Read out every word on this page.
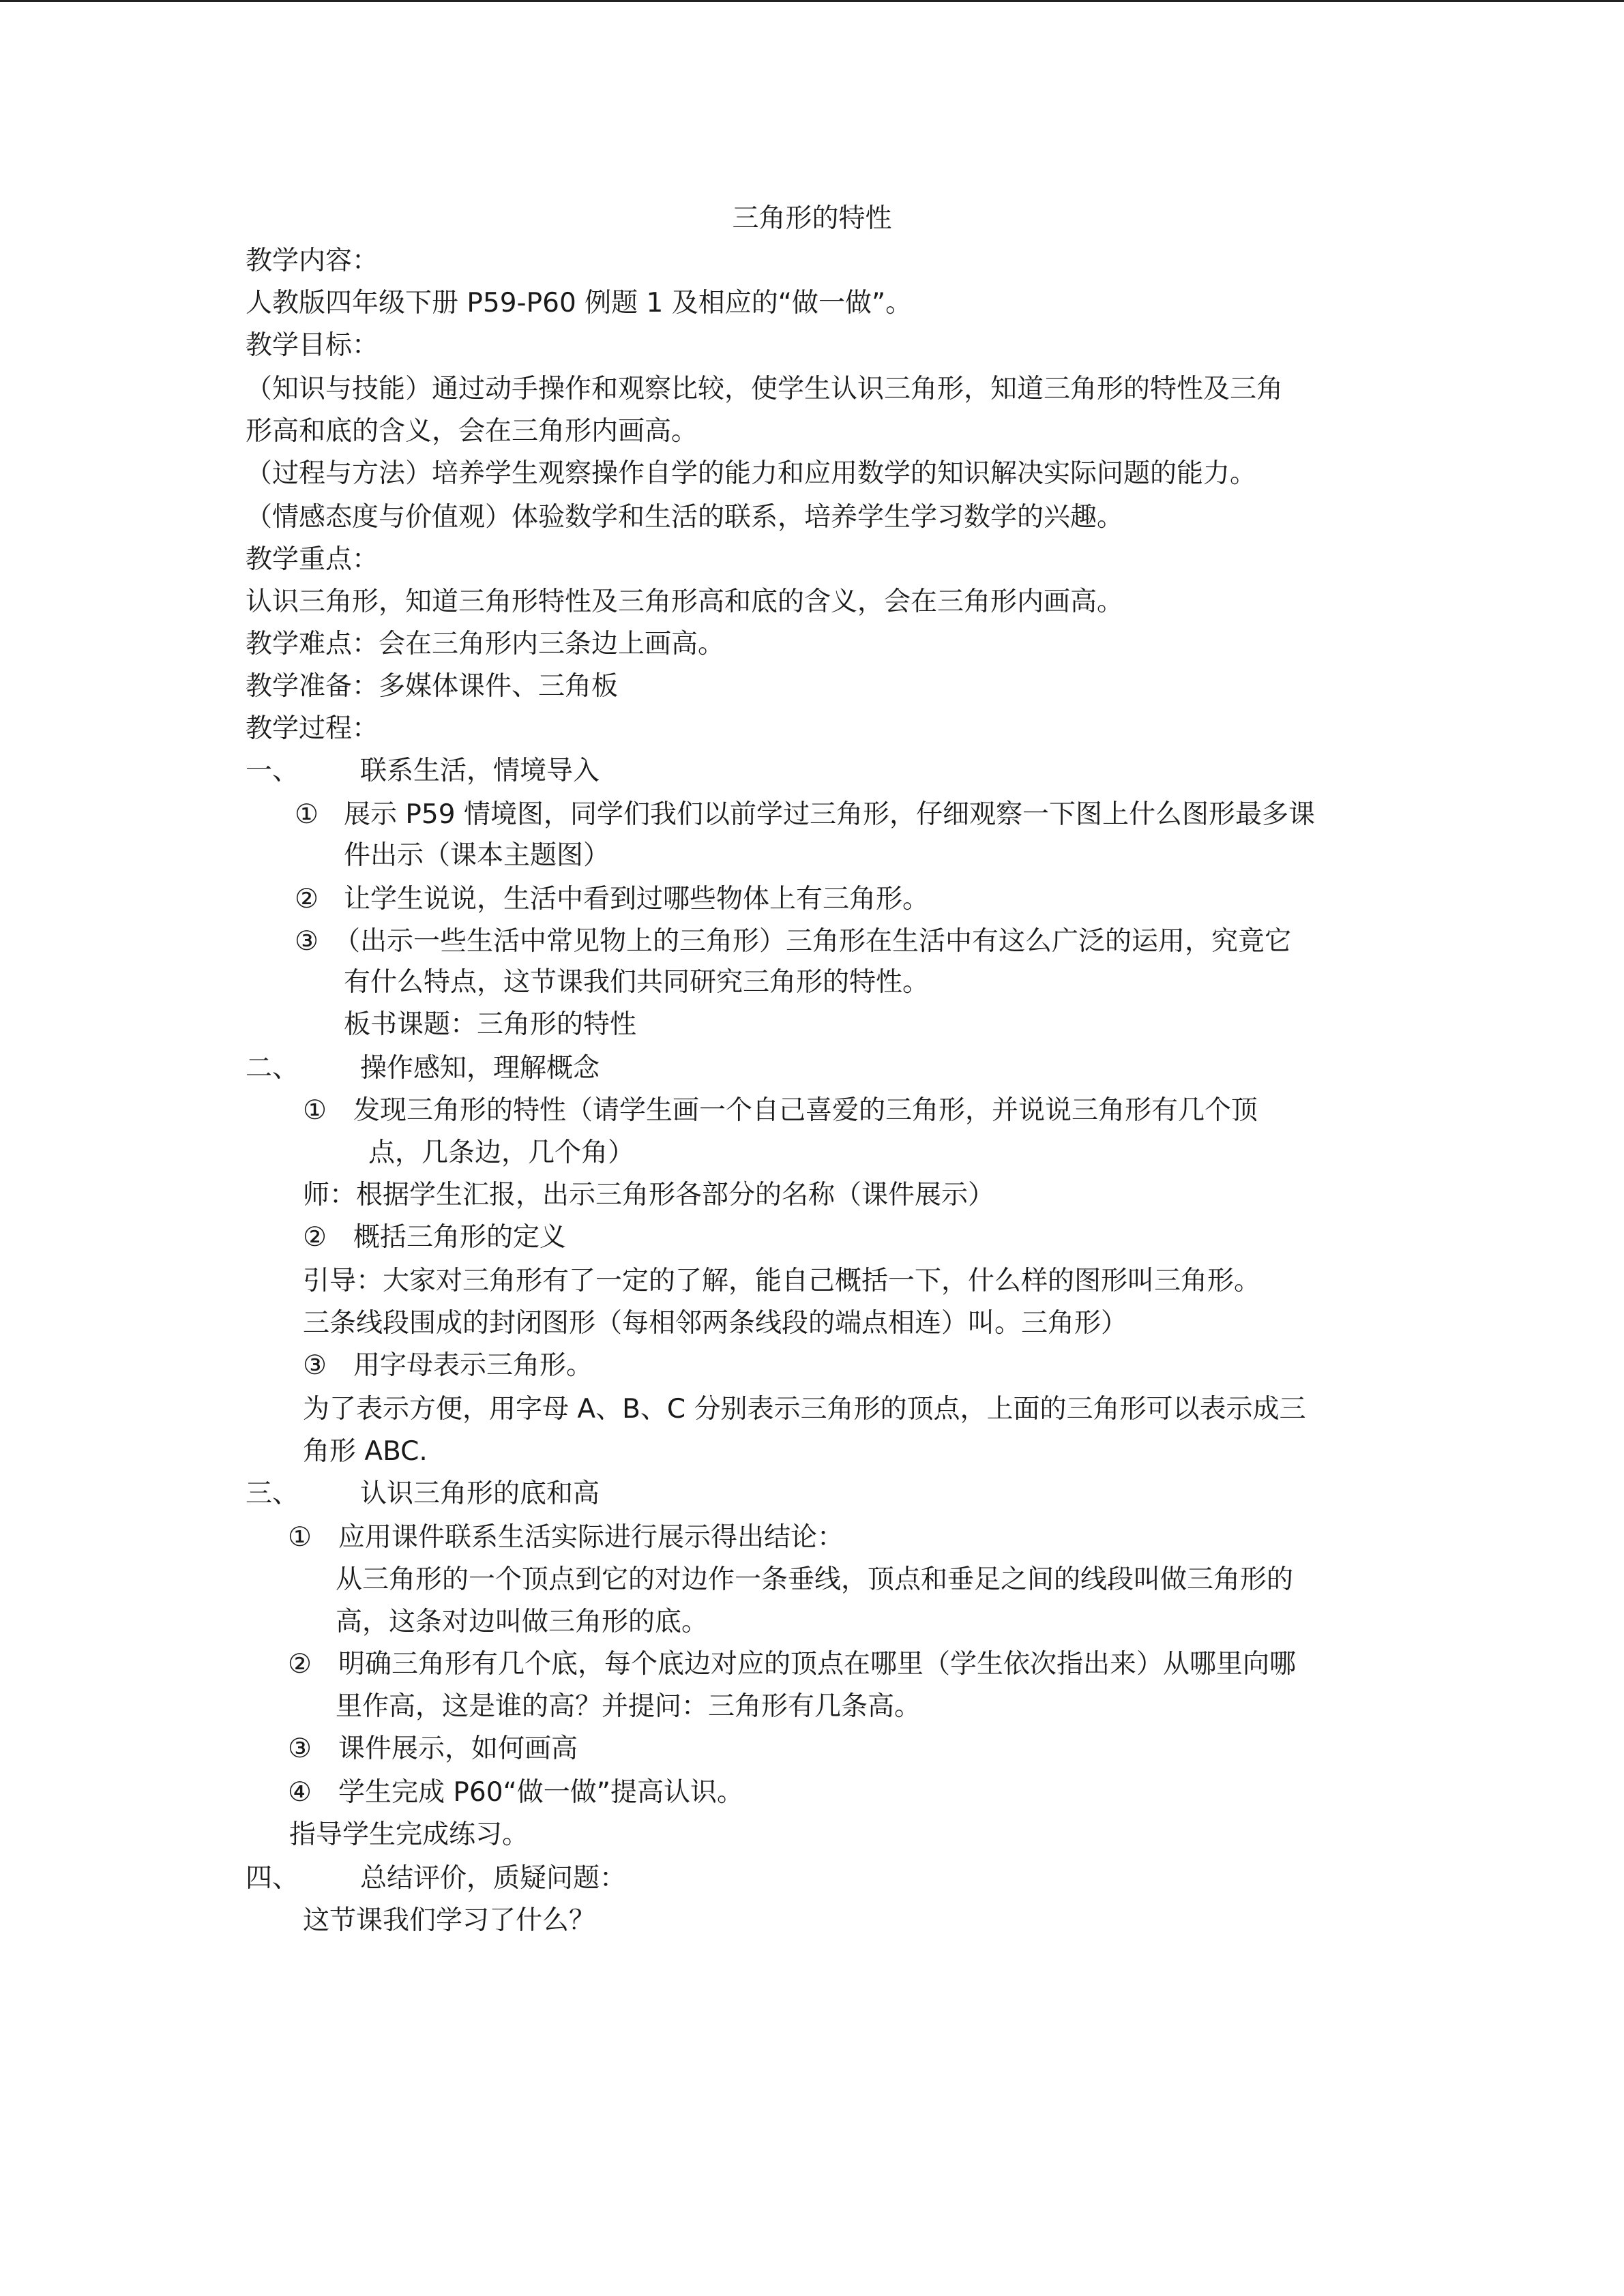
三角形的特性
教学内容：
人教版四年级下册 P59-P60 例题 1 及相应的“做一做”。
教学目标：
（知识与技能）通过动手操作和观察比较，使学生认识三角形，知道三角形的特性及三角
形高和底的含义，会在三角形内画高。
（过程与方法）培养学生观察操作自学的能力和应用数学的知识解决实际问题的能力。
（情感态度与价值观）体验数学和生活的联系，培养学生学习数学的兴趣。
教学重点：
认识三角形，知道三角形特性及三角形高和底的含义，会在三角形内画高。
教学难点：会在三角形内三条边上画高。
教学准备：多媒体课件、三角板
教学过程：
一、 联系生活，情境导入
① 展示 P59 情境图，同学们我们以前学过三角形，仔细观察一下图上什么图形最多课
件出示（课本主题图）
② 让学生说说，生活中看到过哪些物体上有三角形。
③ （出示一些生活中常见物上的三角形）三角形在生活中有这么广泛的运用，究竟它
有什么特点，这节课我们共同研究三角形的特性。
板书课题：三角形的特性
二、 操作感知，理解概念
① 发现三角形的特性（请学生画一个自己喜爱的三角形，并说说三角形有几个顶
点，几条边，几个角）
师：根据学生汇报，出示三角形各部分的名称（课件展示）
② 概括三角形的定义
引导：大家对三角形有了一定的了解，能自己概括一下，什么样的图形叫三角形。
三条线段围成的封闭图形（每相邻两条线段的端点相连）叫。三角形）
③ 用字母表示三角形。
为了表示方便，用字母 A、B、C 分别表示三角形的顶点，上面的三角形可以表示成三
角形 ABC.
三、 认识三角形的底和高
① 应用课件联系生活实际进行展示得出结论：
从三角形的一个顶点到它的对边作一条垂线，顶点和垂足之间的线段叫做三角形的
高，这条对边叫做三角形的底。
② 明确三角形有几个底，每个底边对应的顶点在哪里（学生依次指出来）从哪里向哪
里作高，这是谁的高？并提问：三角形有几条高。
③ 课件展示，如何画高
④ 学生完成 P60“做一做”提高认识。
指导学生完成练习。
四、 总结评价，质疑问题：
这节课我们学习了什么？
